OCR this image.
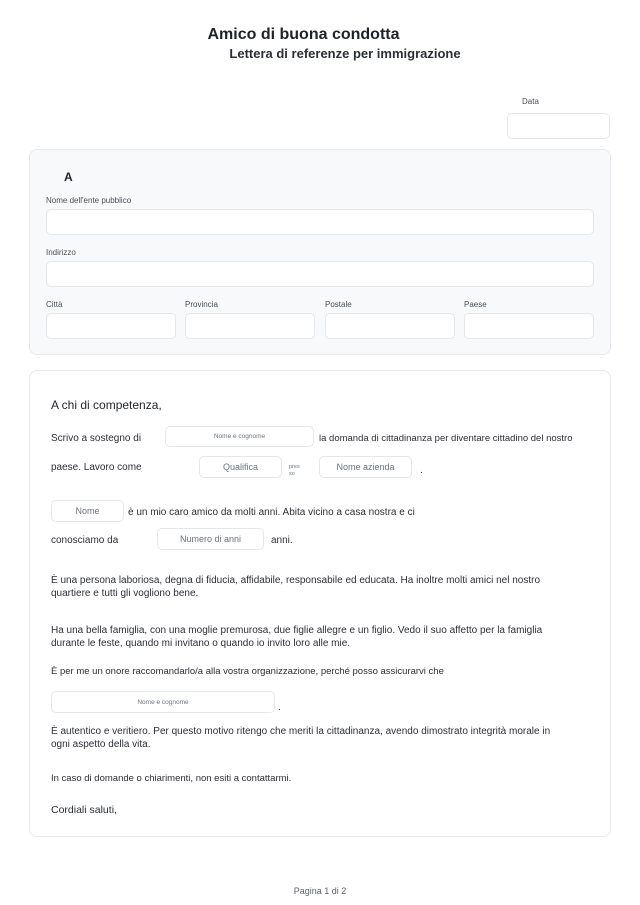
Amico di buona condotta
Lettera di referenze per immigrazione
Data
A
Nome dell'ente pubblico
Indirizzo
Città	Provincia	Postale	Paese
A chi di competenza,
Scrivo a sostegno di	Nome e cognome	la domanda di cittadinanza per diventare cittadino del nostro
paese. Lavoro come	Qualifica	pres
so
Nome azienda	.
Nome	è un mio caro amico da molti anni. Abita vicino a casa nostra e ci
conosciamo da	Numero di anni	anni.
È una persona laboriosa, degna di fiducia, affidabile, responsabile ed educata. Ha inoltre molti amici nel nostro
quartiere e tutti gli vogliono bene.
Ha una bella famiglia, con una moglie premurosa, due figlie allegre e un figlio. Vedo il suo affetto per la famiglia
durante le feste, quando mi invitano o quando io invito loro alle mie.
È per me un onore raccomandarlo/a alla vostra organizzazione, perché posso assicurarvi che
Nome e cognome	.
È autentico e veritiero. Per questo motivo ritengo che meriti la cittadinanza, avendo dimostrato integrità morale in
ogni aspetto della vita.
In caso di domande o chiarimenti, non esiti a contattarmi.
Cordiali saluti,
Pagina 1 di 2
